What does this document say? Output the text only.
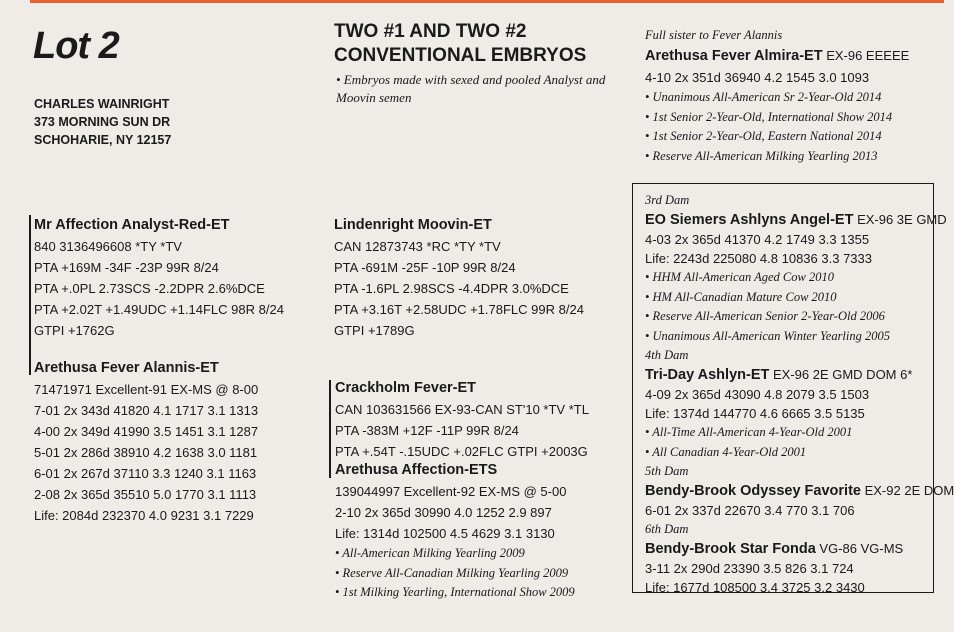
Lot 2
CHARLES WAINRIGHT
373 MORNING SUN DR
SCHOHARIE, NY 12157
TWO #1 AND TWO #2
CONVENTIONAL EMBRYOS
• Embryos made with sexed and pooled Analyst and Moovin semen
Mr Affection Analyst-Red-ET
840 3136496608 *TY *TV
PTA +169M -34F -23P 99R 8/24
PTA +.0PL 2.73SCS -2.2DPR 2.6%DCE
PTA +2.02T +1.49UDC +1.14FLC 98R 8/24
GTPI +1762G
Arethusa Fever Alannis-ET
71471971 Excellent-91 EX-MS @ 8-00
7-01 2x 343d 41820 4.1 1717 3.1 1313
4-00 2x 349d 41990 3.5 1451 3.1 1287
5-01 2x 286d 38910 4.2 1638 3.0 1181
6-01 2x 267d 37110 3.3 1240 3.1 1163
2-08 2x 365d 35510 5.0 1770 3.1 1113
Life: 2084d 232370 4.0 9231 3.1 7229
Lindenright Moovin-ET
CAN 12873743 *RC *TY *TV
PTA -691M -25F -10P 99R 8/24
PTA -1.6PL 2.98SCS -4.4DPR 3.0%DCE
PTA +3.16T +2.58UDC +1.78FLC 99R 8/24
GTPI +1789G
Crackholm Fever-ET
CAN 103631566 EX-93-CAN ST'10 *TV *TL
PTA -383M +12F -11P 99R 8/24
PTA +.54T -.15UDC +.02FLC GTPI +2003G
Arethusa Affection-ETS
139044997 Excellent-92 EX-MS @ 5-00
2-10 2x 365d 30990 4.0 1252 2.9 897
Life: 1314d 102500 4.5 4629 3.1 3130
• All-American Milking Yearling 2009
• Reserve All-Canadian Milking Yearling 2009
• 1st Milking Yearling, International Show 2009
Full sister to Fever Alannis
Arethusa Fever Almira-ET EX-96 EEEEE
4-10 2x 351d 36940 4.2 1545 3.0 1093
• Unanimous All-American Sr 2-Year-Old 2014
• 1st Senior 2-Year-Old, International Show 2014
• 1st Senior 2-Year-Old, Eastern National 2014
• Reserve All-American Milking Yearling 2013
3rd Dam
EO Siemers Ashlyns Angel-ET EX-96 3E GMD
4-03 2x 365d 41370 4.2 1749 3.3 1355
Life: 2243d 225080 4.8 10836 3.3 7333
• HHM All-American Aged Cow 2010
• HM All-Canadian Mature Cow 2010
• Reserve All-American Senior 2-Year-Old 2006
• Unanimous All-American Winter Yearling 2005
4th Dam
Tri-Day Ashlyn-ET EX-96 2E GMD DOM 6*
4-09 2x 365d 43090 4.8 2079 3.5 1503
Life: 1374d 144770 4.6 6665 3.5 5135
• All-Time All-American 4-Year-Old 2001
• All Canadian 4-Year-Old 2001
5th Dam
Bendy-Brook Odyssey Favorite EX-92 2E DOM
6-01 2x 337d 22670 3.4 770 3.1 706
6th Dam
Bendy-Brook Star Fonda VG-86 VG-MS
3-11 2x 290d 23390 3.5 826 3.1 724
Life: 1677d 108500 3.4 3725 3.2 3430
